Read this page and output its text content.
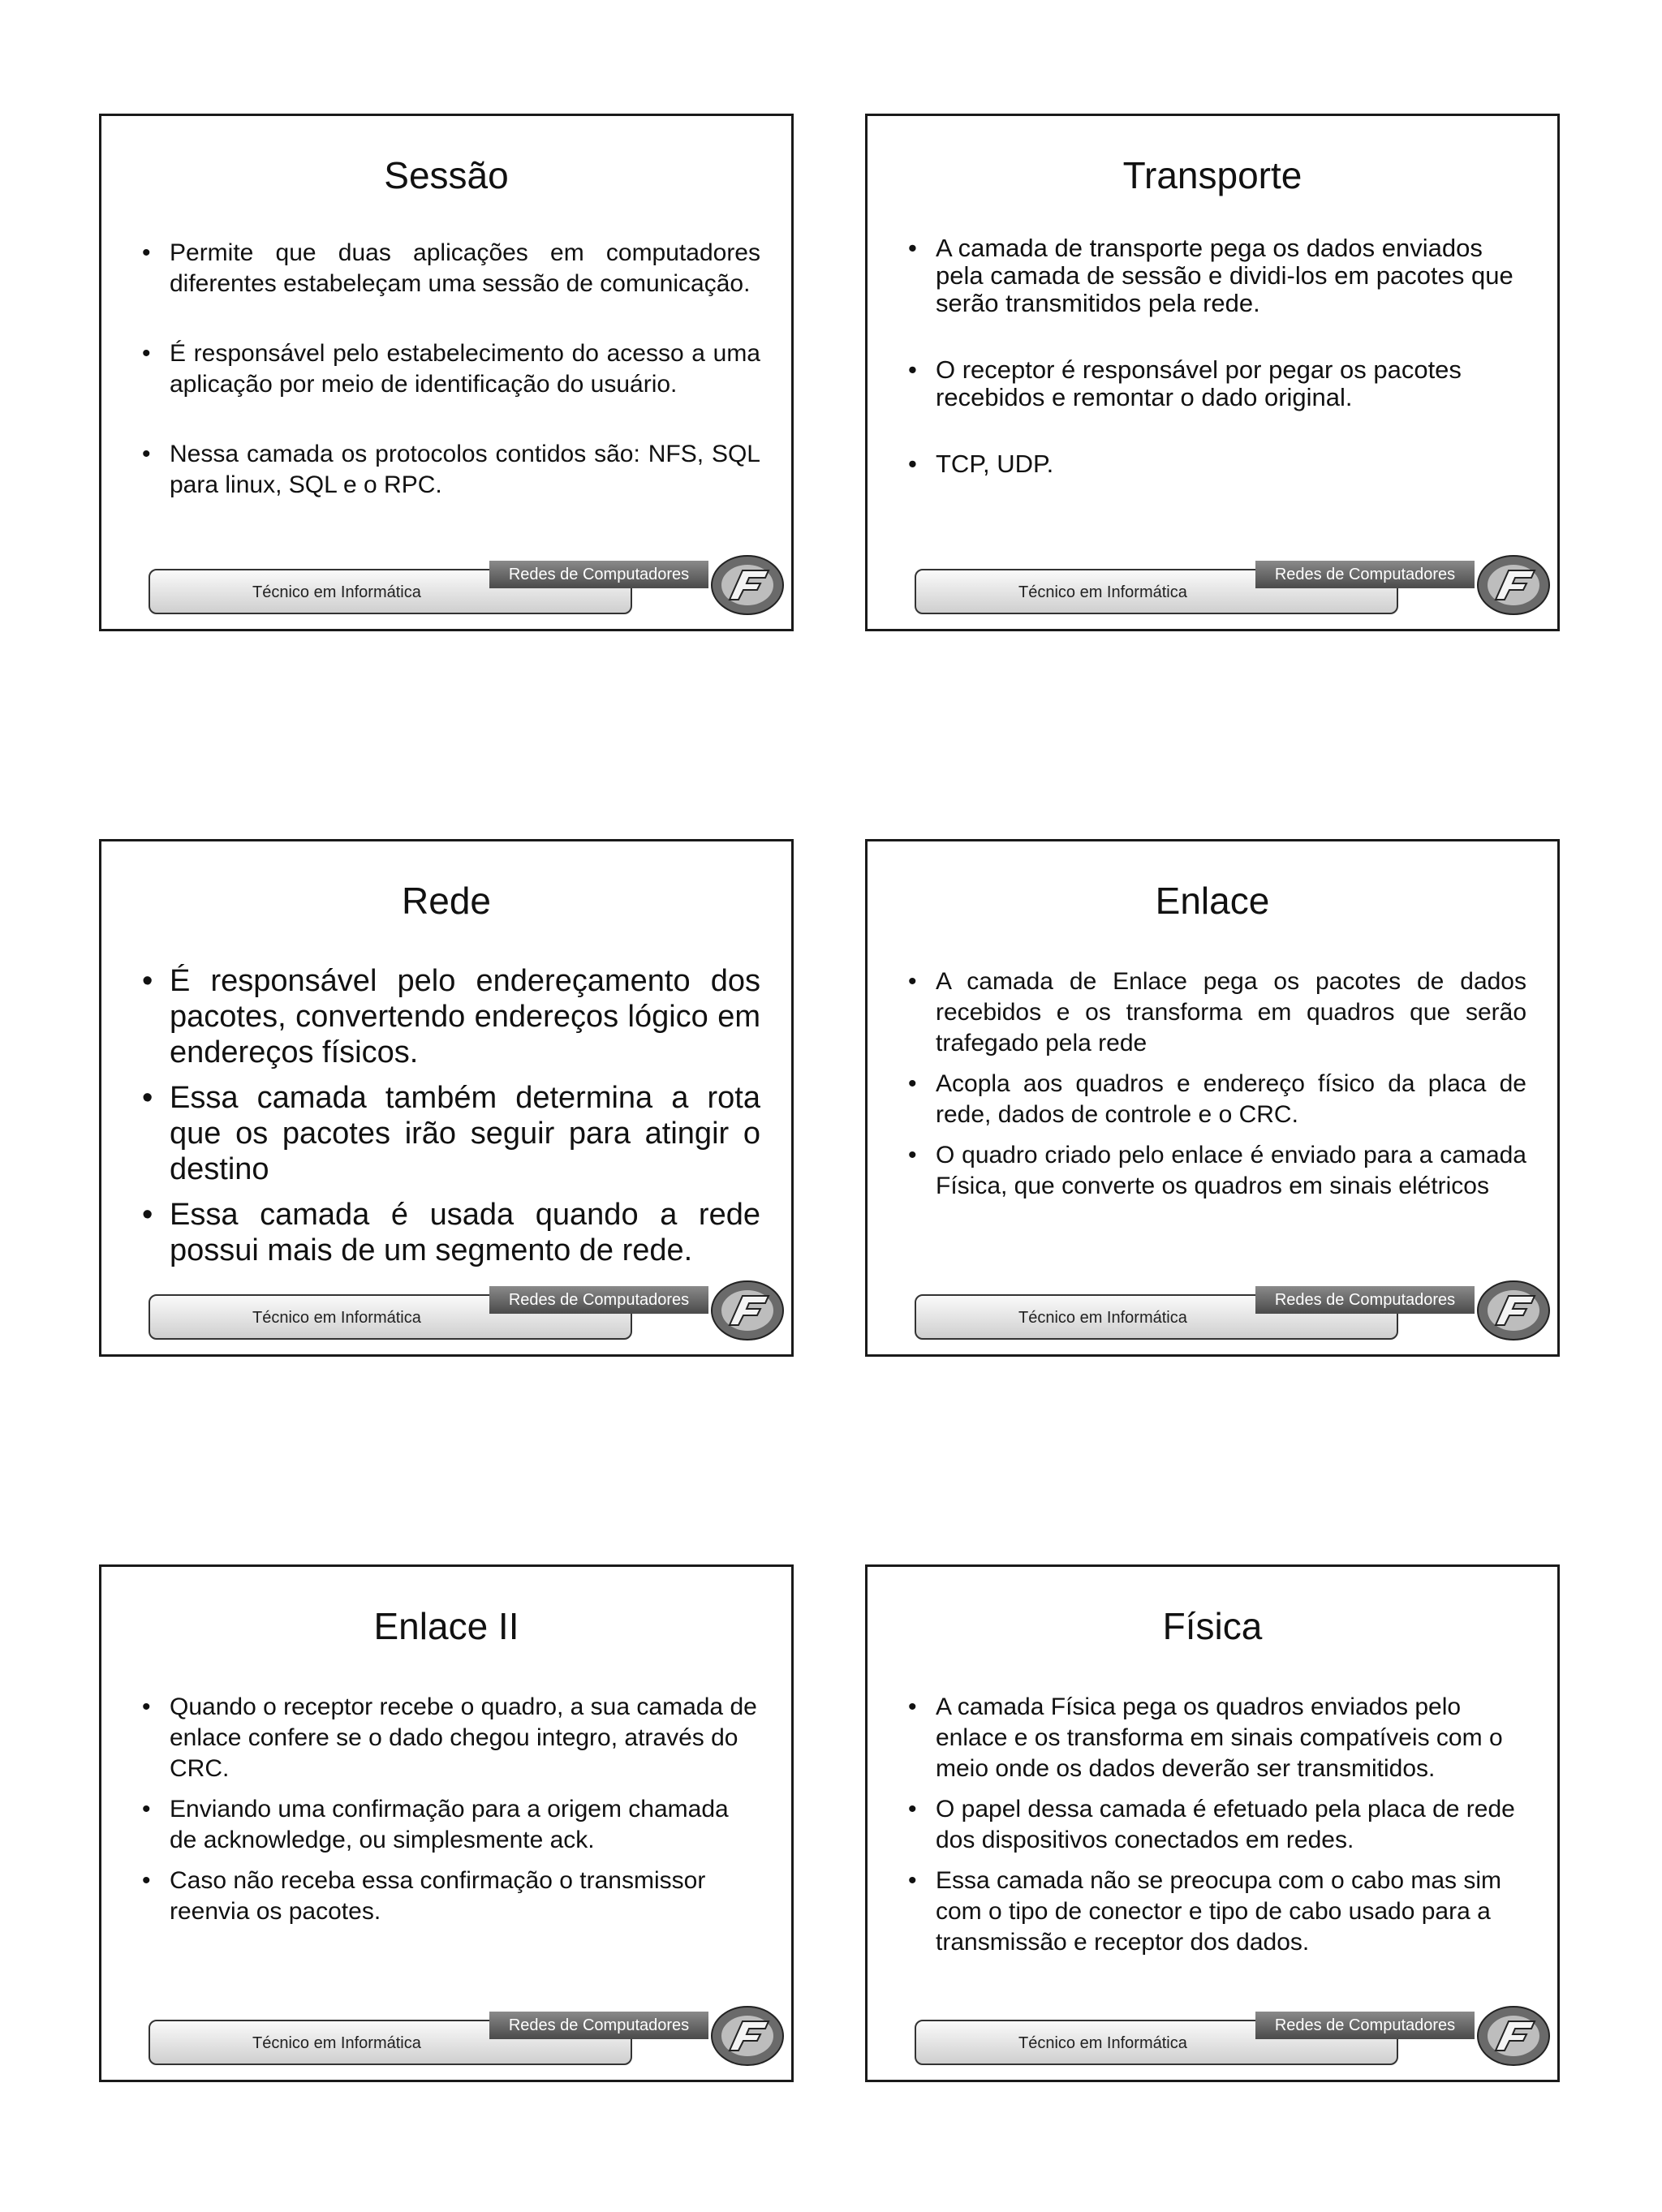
Sessão
• Permite que duas aplicações em computadores diferentes estabeleçam uma sessão de comunicação.
• É responsável pelo estabelecimento do acesso a uma aplicação por meio de identificação do usuário.
• Nessa camada os protocolos contidos são: NFS, SQL para linux, SQL e o RPC.
Técnico em Informática
Redes de Computadores
Transporte
• A camada de transporte pega os dados enviados pela camada de sessão e dividi-los em pacotes que serão transmitidos pela rede.
• O receptor é responsável por pegar os pacotes recebidos e remontar o dado original.
• TCP, UDP.
Técnico em Informática
Redes de Computadores
Rede
• É responsável pelo endereçamento dos pacotes, convertendo endereços lógico em endereços físicos.
• Essa camada também determina a rota que os pacotes irão seguir para atingir o destino
• Essa camada é usada quando a rede possui mais de um segmento de rede.
Técnico em Informática
Redes de Computadores
Enlace
• A camada de Enlace pega os pacotes de dados recebidos e os transforma em quadros que serão trafegado pela rede
• Acopla aos quadros e endereço físico da placa de rede, dados de controle e o CRC.
• O quadro criado pelo enlace é enviado para a camada Física, que converte os quadros em sinais elétricos
Técnico em Informática
Redes de Computadores
Enlace II
• Quando o receptor recebe o quadro, a sua camada de enlace confere se o dado chegou integro, através do CRC.
• Enviando uma confirmação para a origem chamada de acknowledge, ou simplesmente ack.
• Caso não receba essa confirmação o transmissor reenvia os pacotes.
Técnico em Informática
Redes de Computadores
Física
• A camada Física pega os quadros enviados pelo enlace e os transforma em sinais compatíveis com o meio onde os dados deverão ser transmitidos.
• O papel dessa camada é efetuado pela placa de rede dos dispositivos conectados em redes.
• Essa camada não se preocupa com o cabo mas sim com o tipo de conector e tipo de cabo usado para a transmissão e receptor dos dados.
Técnico em Informática
Redes de Computadores
